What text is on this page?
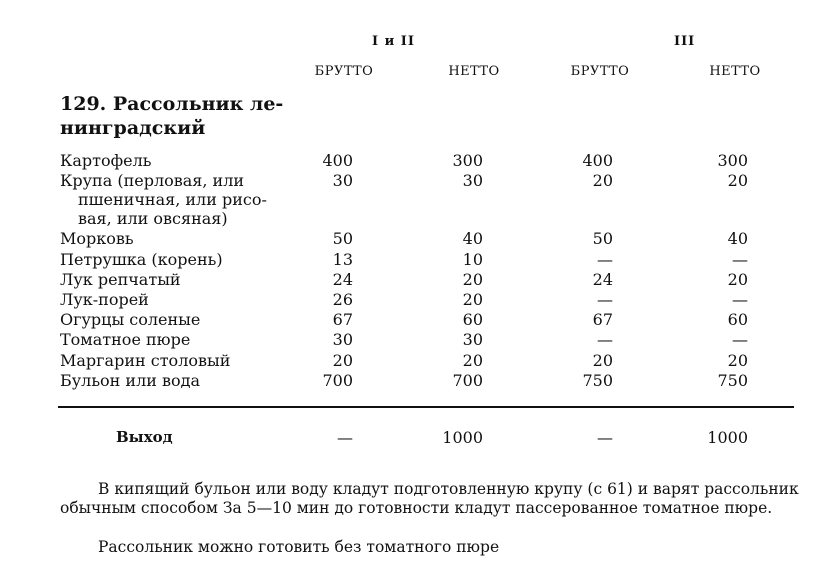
I и II	III
БРУТТО	НЕТТО	БРУТТО	НЕТТО
129. Рассольник ле-
нинградский
Картофель	400	300	400	300
Крупа (перловая, или
пшеничная, или рисо-
вая, или овсяная)
30	30	20	20
Морковь	50	40	50	40
Петрушка (корень)	13	10	—	—
Лук репчатый	24	20	24	20
Лук-порей	26	20	—	—
Огурцы соленые	67	60	67	60
Томатное пюре	30	30	—	—
Маргарин столовый	20	20	20	20
Бульон или вода	700	700	750	750
Выход	—	1000	—	1000
В кипящий бульон или воду кладут подготовленную крупу (с 61) и варят рассольник обычным способом За 5—10 мин до готовности кладут пассерованное томатное пюре.
Рассольник можно готовить без томатного пюре
